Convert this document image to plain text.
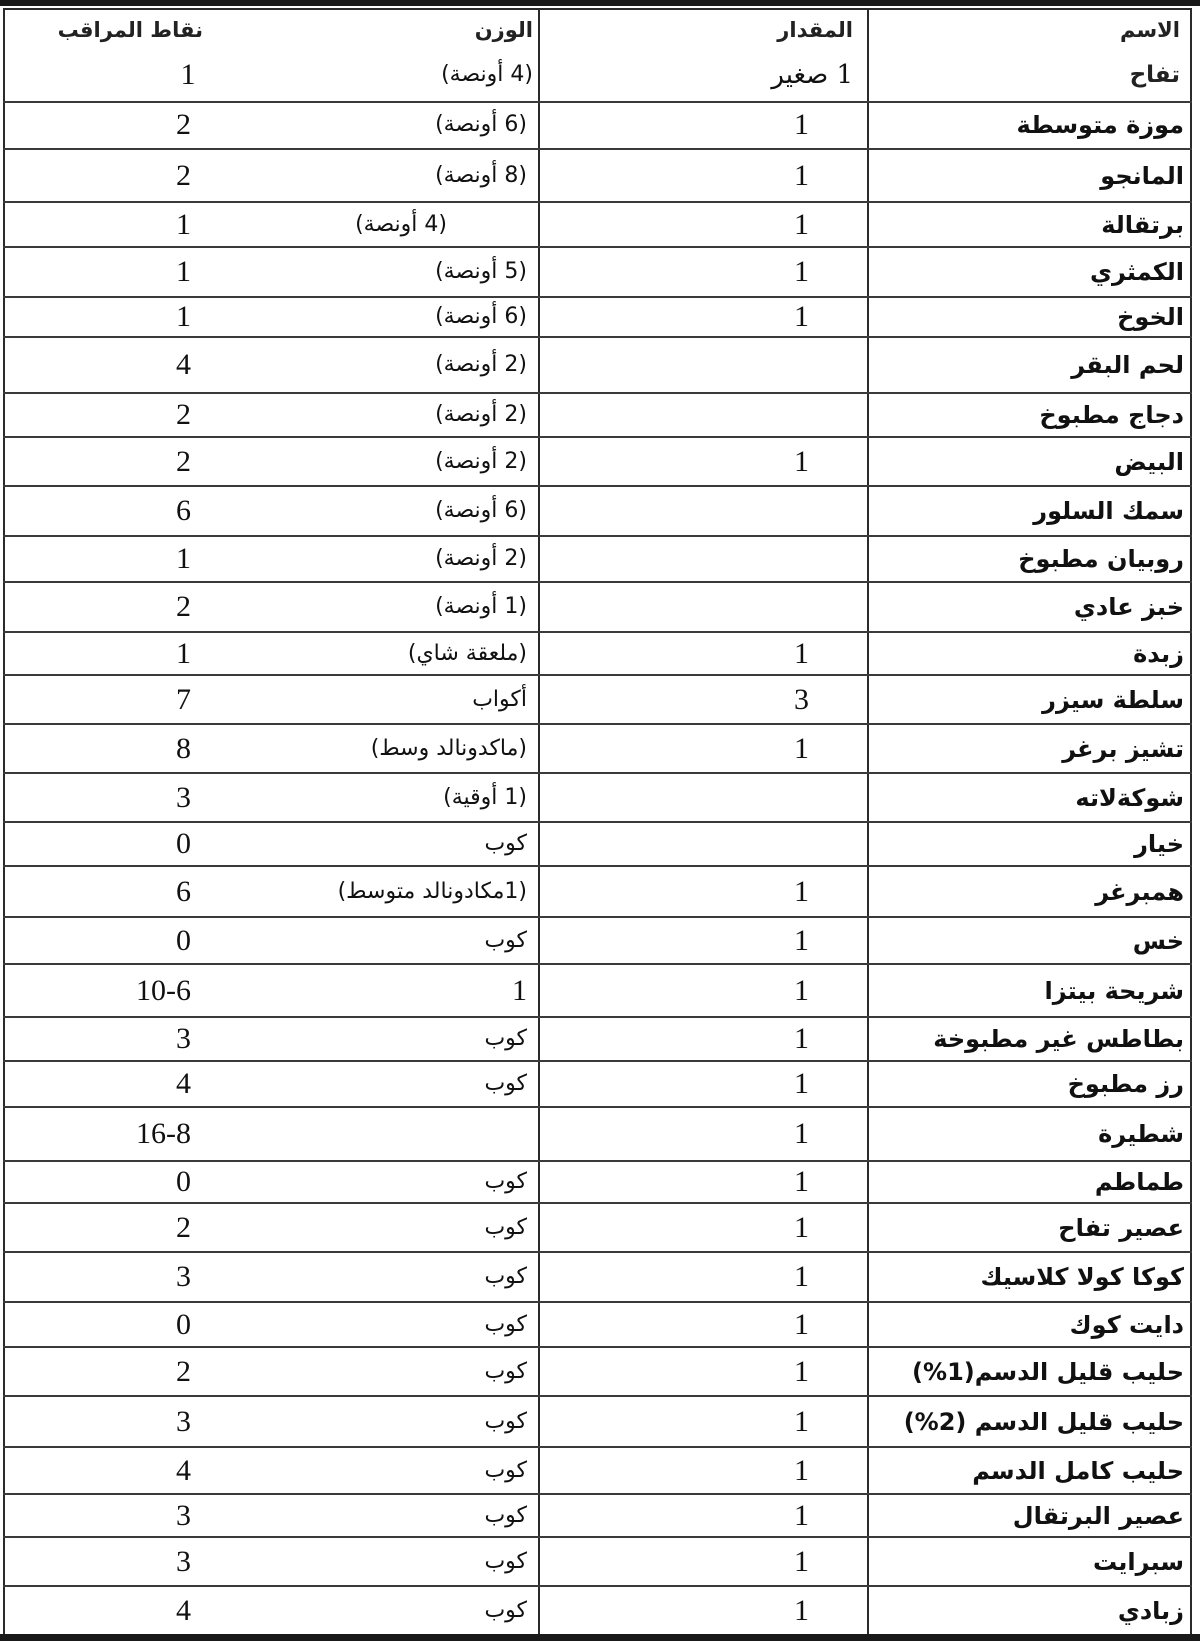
الاسم
المقدار
الوزن
نقاط المراقب
تفاح
1 صغير
(4 أونصة)
1
موزة متوسطة
1
(6 أونصة)
2
المانجو
1
(8 أونصة)
2
برتقالة
1
(4 أونصة)
1
الكمثري
1
(5 أونصة)
1
الخوخ
1
(6 أونصة)
1
لحم البقر
(2 أونصة)
4
دجاج مطبوخ
(2 أونصة)
2
البيض
1
(2 أونصة)
2
سمك السلور
(6 أونصة)
6
روبيان مطبوخ
(2 أونصة)
1
خبز عادي
(1 أونصة)
2
زبدة
1
(ملعقة شاي)
1
سلطة سيزر
3
أكواب
7
تشيز برغر
1
(ماكدونالد وسط)
8
شوكةلاته
(1 أوقية)
3
خيار
كوب
0
همبرغر
1
(1مكادونالد متوسط)
6
خس
1
كوب
0
شريحة بيتزا
1
1
10-6
بطاطس غير مطبوخة
1
كوب
3
رز مطبوخ
1
كوب
4
شطيرة
1
16-8
طماطم
1
كوب
0
عصير تفاح
1
كوب
2
كوكا كولا كلاسيك
1
كوب
3
دايت كوك
1
كوب
0
حليب قليل الدسم(1%)
1
كوب
2
حليب قليل الدسم (2%)
1
كوب
3
حليب كامل الدسم
1
كوب
4
عصير البرتقال
1
كوب
3
سبرايت
1
كوب
3
زبادي
1
كوب
4
